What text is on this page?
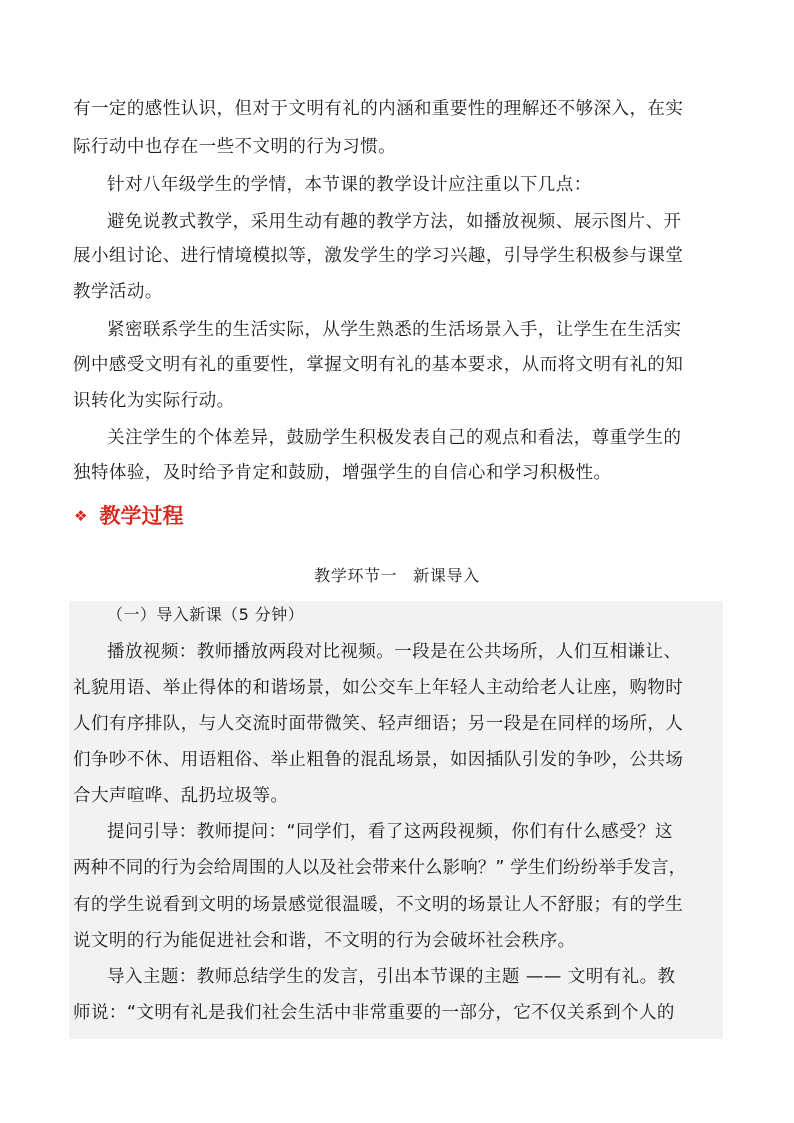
有一定的感性认识，但对于文明有礼的内涵和重要性的理解还不够深入，在实
际行动中也存在一些不文明的行为习惯。
针对八年级学生的学情，本节课的教学设计应注重以下几点：
避免说教式教学，采用生动有趣的教学方法，如播放视频、展示图片、开
展小组讨论、进行情境模拟等，激发学生的学习兴趣，引导学生积极参与课堂
教学活动。
紧密联系学生的生活实际，从学生熟悉的生活场景入手，让学生在生活实
例中感受文明有礼的重要性，掌握文明有礼的基本要求，从而将文明有礼的知
识转化为实际行动。
关注学生的个体差异，鼓励学生积极发表自己的观点和看法，尊重学生的
独特体验，及时给予肯定和鼓励，增强学生的自信心和学习积极性。
❖ 教学过程
教学环节一 新课导入
（一）导入新课（5 分钟）
播放视频：教师播放两段对比视频。一段是在公共场所，人们互相谦让、
礼貌用语、举止得体的和谐场景，如公交车上年轻人主动给老人让座，购物时
人们有序排队，与人交流时面带微笑、轻声细语；另一段是在同样的场所，人
们争吵不休、用语粗俗、举止粗鲁的混乱场景，如因插队引发的争吵，公共场
合大声喧哗、乱扔垃圾等。
提问引导：教师提问：“同学们，看了这两段视频，你们有什么感受？这
两种不同的行为会给周围的人以及社会带来什么影响？” 学生们纷纷举手发言，
有的学生说看到文明的场景感觉很温暖，不文明的场景让人不舒服；有的学生
说文明的行为能促进社会和谐，不文明的行为会破坏社会秩序。
导入主题：教师总结学生的发言，引出本节课的主题 —— 文明有礼。教
师说：“文明有礼是我们社会生活中非常重要的一部分，它不仅关系到个人的
